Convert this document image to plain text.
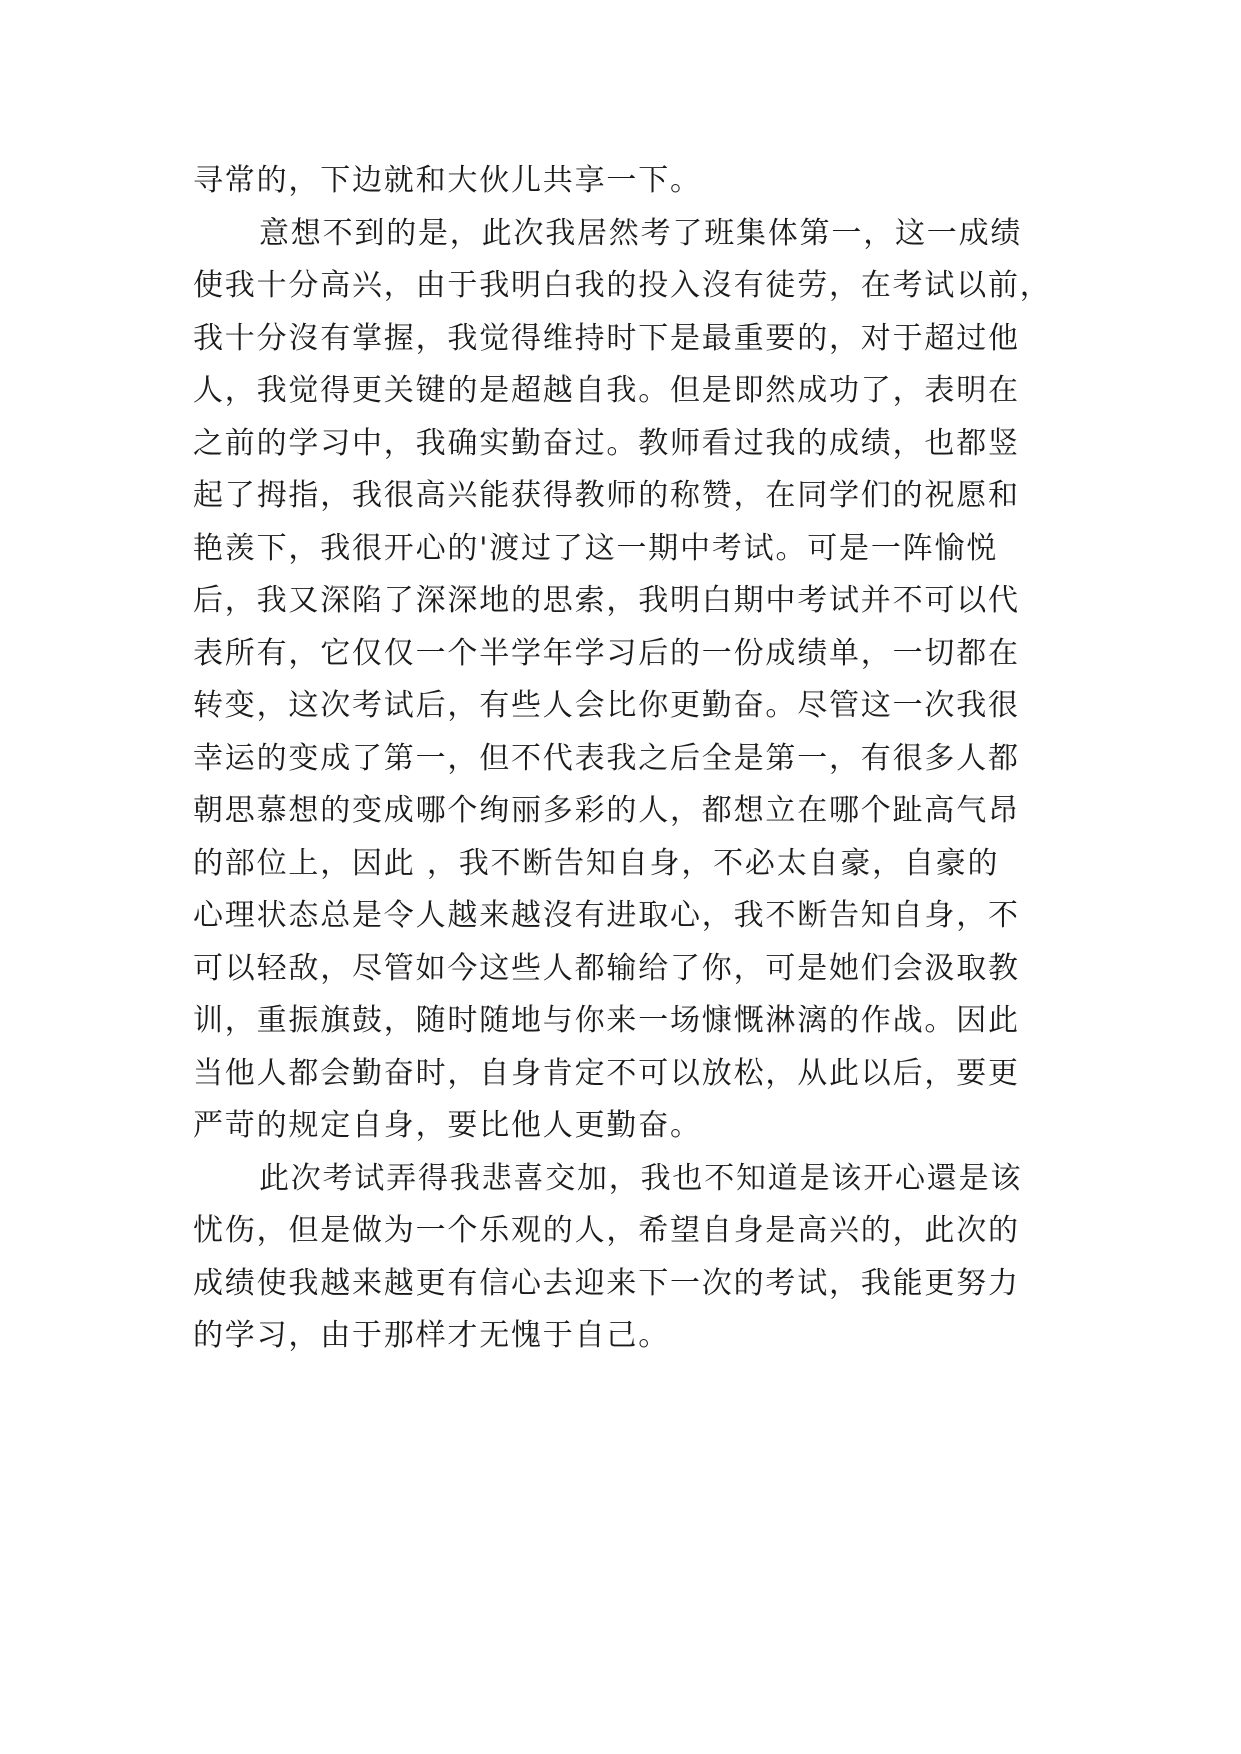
寻常的，下边就和大伙儿共享一下。
意想不到的是，此次我居然考了班集体第一，这一成绩
使我十分高兴，由于我明白我的投入沒有徒劳，在考试以前，
我十分沒有掌握，我觉得维持时下是最重要的，对于超过他
人，我觉得更关键的是超越自我。但是即然成功了，表明在
之前的学习中，我确实勤奋过。教师看过我的成绩，也都竖
起了拇指，我很高兴能获得教师的称赞，在同学们的祝愿和
艳羡下，我很开心的'渡过了这一期中考试。可是一阵愉悦
后，我又深陷了深深地的思索，我明白期中考试并不可以代
表所有，它仅仅一个半学年学习后的一份成绩单，一切都在
转变，这次考试后，有些人会比你更勤奋。尽管这一次我很
幸运的变成了第一，但不代表我之后全是第一，有很多人都
朝思慕想的变成哪个绚丽多彩的人，都想立在哪个趾高气昂
的部位上，因此 ，我不断告知自身，不必太自豪，自豪的
心理状态总是令人越来越沒有进取心，我不断告知自身，不
可以轻敌，尽管如今这些人都输给了你，可是她们会汲取教
训，重振旗鼓，随时随地与你来一场慷慨淋漓的作战。因此
当他人都会勤奋时，自身肯定不可以放松，从此以后，要更
严苛的规定自身，要比他人更勤奋。
此次考试弄得我悲喜交加，我也不知道是该开心還是该
忧伤，但是做为一个乐观的人，希望自身是高兴的，此次的
成绩使我越来越更有信心去迎来下一次的考试，我能更努力
的学习，由于那样才无愧于自己。
